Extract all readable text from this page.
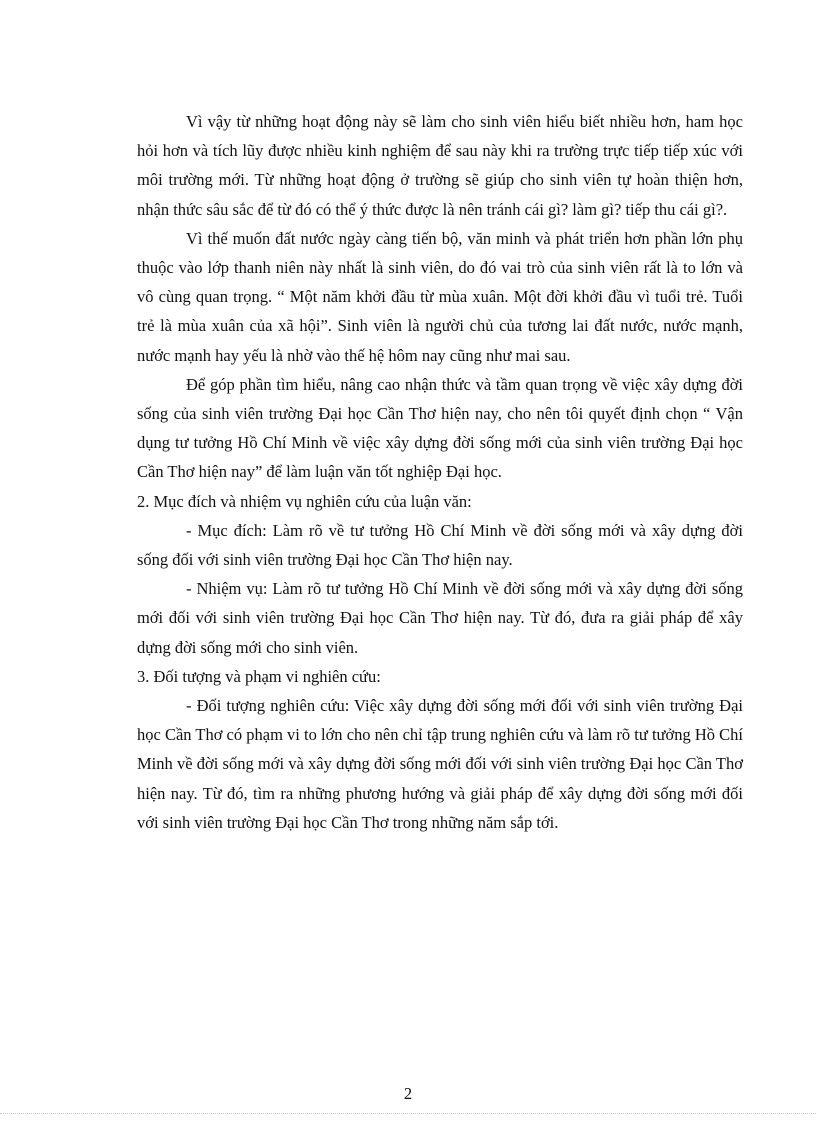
Vì vậy từ những hoạt động này sẽ làm cho sinh viên hiểu biết nhiều hơn, ham học hỏi hơn và tích lũy được nhiều kinh nghiệm để sau này khi ra trường trực tiếp tiếp xúc với môi trường mới. Từ những hoạt động ở trường sẽ giúp cho sinh viên tự hoàn thiện hơn, nhận thức sâu sắc để từ đó có thể ý thức được là nên tránh cái gì? làm gì? tiếp thu cái gì?.

Vì thế muốn đất nước ngày càng tiến bộ, văn minh và phát triển hơn phần lớn phụ thuộc vào lớp thanh niên này nhất là sinh viên, do đó vai trò của sinh viên rất là to lớn và vô cùng quan trọng. “ Một năm khởi đầu từ mùa xuân. Một đời khởi đầu vì tuổi trẻ. Tuổi trẻ là mùa xuân của xã hội”. Sinh viên là người chủ của tương lai đất nước, nước mạnh, nước mạnh hay yếu là nhờ vào thế hệ hôm nay cũng như mai sau.

Để góp phần tìm hiểu, nâng cao nhận thức và tầm quan trọng về việc xây dựng đời sống của sinh viên trường Đại học Cần Thơ hiện nay, cho nên tôi quyết định chọn “ Vận dụng tư tưởng Hồ Chí Minh về việc xây dựng đời sống mới của sinh viên trường Đại học Cần Thơ hiện nay” để làm luận văn tốt nghiệp Đại học.

2. Mục đích và nhiệm vụ nghiên cứu của luận văn:

- Mục đích: Làm rõ về tư tưởng Hồ Chí Minh về đời sống mới và xây dựng đời sống đối với sinh viên trường Đại học Cần Thơ hiện nay.

- Nhiệm vụ: Làm rõ tư tưởng Hồ Chí Minh về đời sống mới và xây dựng đời sống mới đối với sinh viên trường Đại học Cần Thơ hiện nay. Từ đó, đưa ra giải pháp để xây dựng đời sống mới cho sinh viên.

3. Đối tượng và phạm vi nghiên cứu:

- Đối tượng nghiên cứu: Việc xây dựng đời sống mới đối với sinh viên trường Đại học Cần Thơ có phạm vi to lớn cho nên chỉ tập trung nghiên cứu và làm rõ tư tưởng Hồ Chí Minh về đời sống mới và xây dựng đời sống mới đối với sinh viên trường Đại học Cần Thơ hiện nay. Từ đó, tìm ra những phương hướng và giải pháp để xây dựng đời sống mới đối với sinh viên trường Đại học Cần Thơ trong những năm sắp tới.

2
